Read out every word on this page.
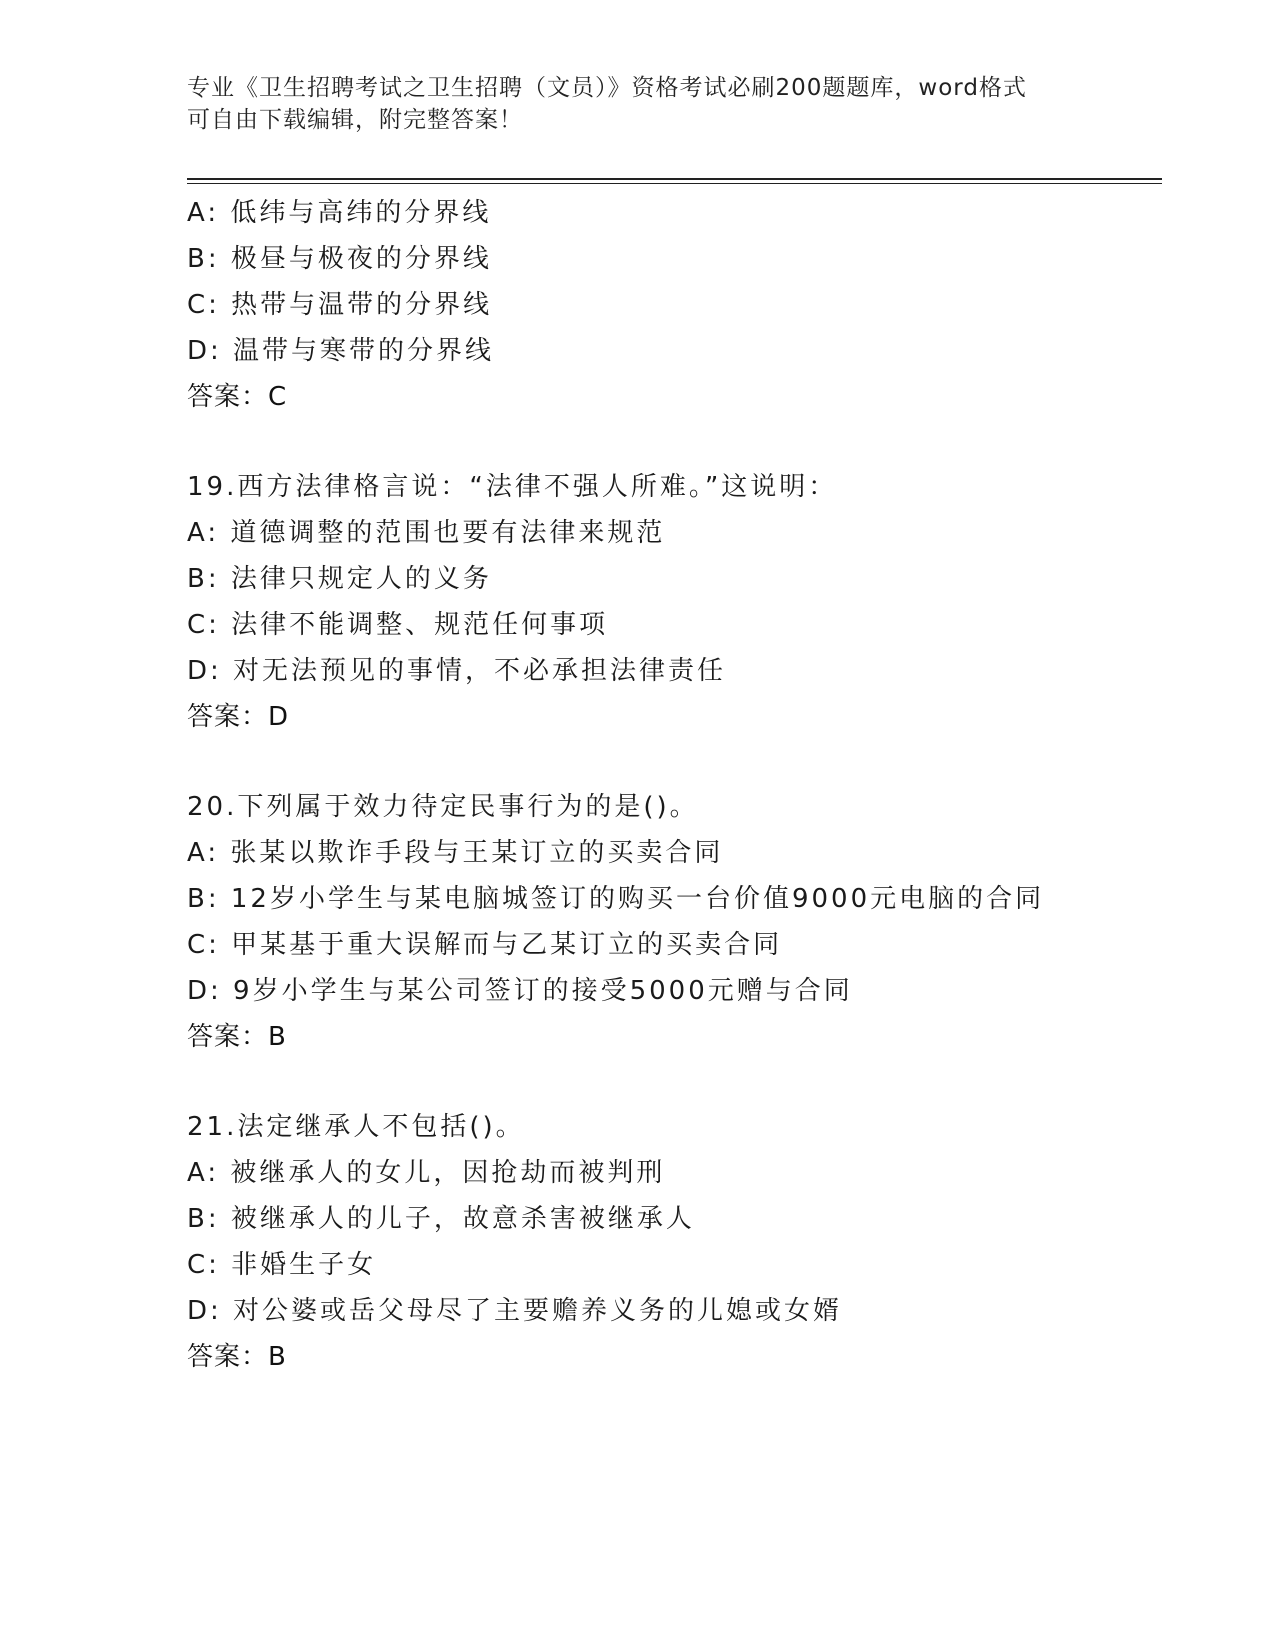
专业《卫生招聘考试之卫生招聘（文员）》资格考试必刷200题题库，word格式
可自由下载编辑，附完整答案！
A: 低纬与高纬的分界线
B: 极昼与极夜的分界线
C: 热带与温带的分界线
D: 温带与寒带的分界线
答案：C
19.西方法律格言说：“法律不强人所难。”这说明：
A: 道德调整的范围也要有法律来规范
B: 法律只规定人的义务
C: 法律不能调整、规范任何事项
D: 对无法预见的事情，不必承担法律责任
答案：D
20.下列属于效力待定民事行为的是()。
A: 张某以欺诈手段与王某订立的买卖合同
B: 12岁小学生与某电脑城签订的购买一台价值9000元电脑的合同
C: 甲某基于重大误解而与乙某订立的买卖合同
D: 9岁小学生与某公司签订的接受5000元赠与合同
答案：B
21.法定继承人不包括()。
A: 被继承人的女儿，因抢劫而被判刑
B: 被继承人的儿子，故意杀害被继承人
C: 非婚生子女
D: 对公婆或岳父母尽了主要赡养义务的儿媳或女婿
答案：B
